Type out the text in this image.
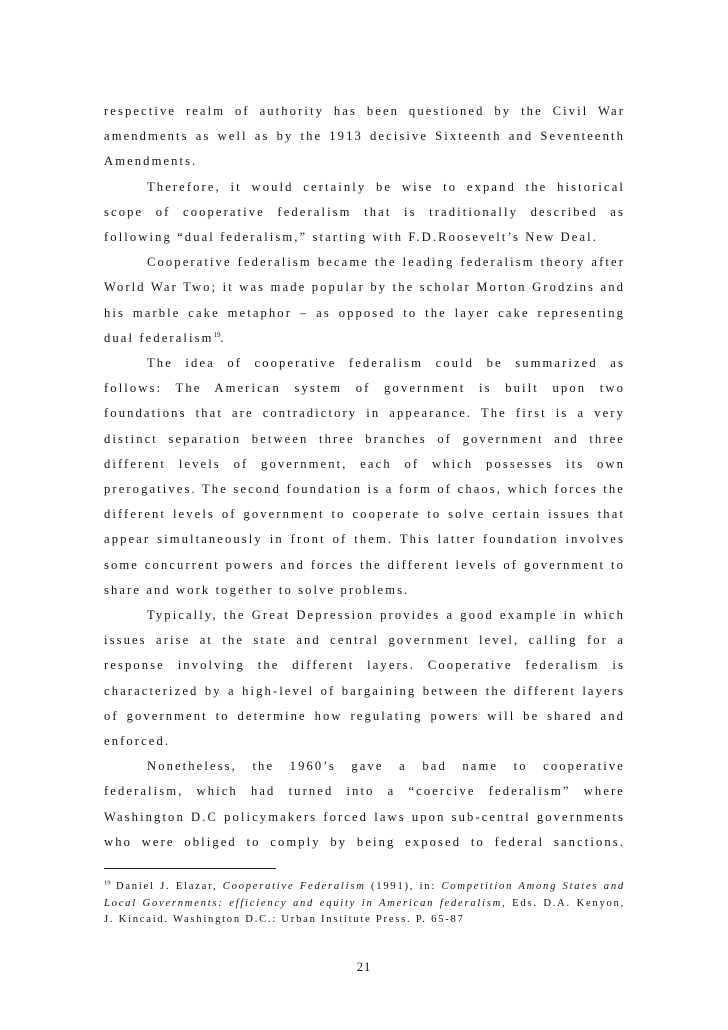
respective realm of authority has been questioned by the Civil War amendments as well as by the 1913 decisive Sixteenth and Seventeenth Amendments.

Therefore, it would certainly be wise to expand the historical scope of cooperative federalism that is traditionally described as following “dual federalism,” starting with F.D.Roosevelt’s New Deal.

Cooperative federalism became the leading federalism theory after World War Two; it was made popular by the scholar Morton Grodzins and his marble cake metaphor – as opposed to the layer cake representing dual federalism$^{19}$.

The idea of cooperative federalism could be summarized as follows: The American system of government is built upon two foundations that are contradictory in appearance. The first is a very distinct separation between three branches of government and three different levels of government, each of which possesses its own prerogatives. The second foundation is a form of chaos, which forces the different levels of government to cooperate to solve certain issues that appear simultaneously in front of them. This latter foundation involves some concurrent powers and forces the different levels of government to share and work together to solve problems.

Typically, the Great Depression provides a good example in which issues arise at the state and central government level, calling for a response involving the different layers. Cooperative federalism is characterized by a high-level of bargaining between the different layers of government to determine how regulating powers will be shared and enforced.

Nonetheless, the 1960’s gave a bad name to cooperative federalism, which had turned into a “coercive federalism” where Washington D.C policymakers forced laws upon sub-central governments who were obliged to comply by being exposed to federal sanctions.

$^{19}$ Daniel J. Elazar, Cooperative Federalism (1991), in: Competition Among States and Local Governments: efficiency and equity in American federalism, Eds. D.A. Kenyon, J. Kincaid. Washington D.C.: Urban Institute Press. P. 65-87

21
